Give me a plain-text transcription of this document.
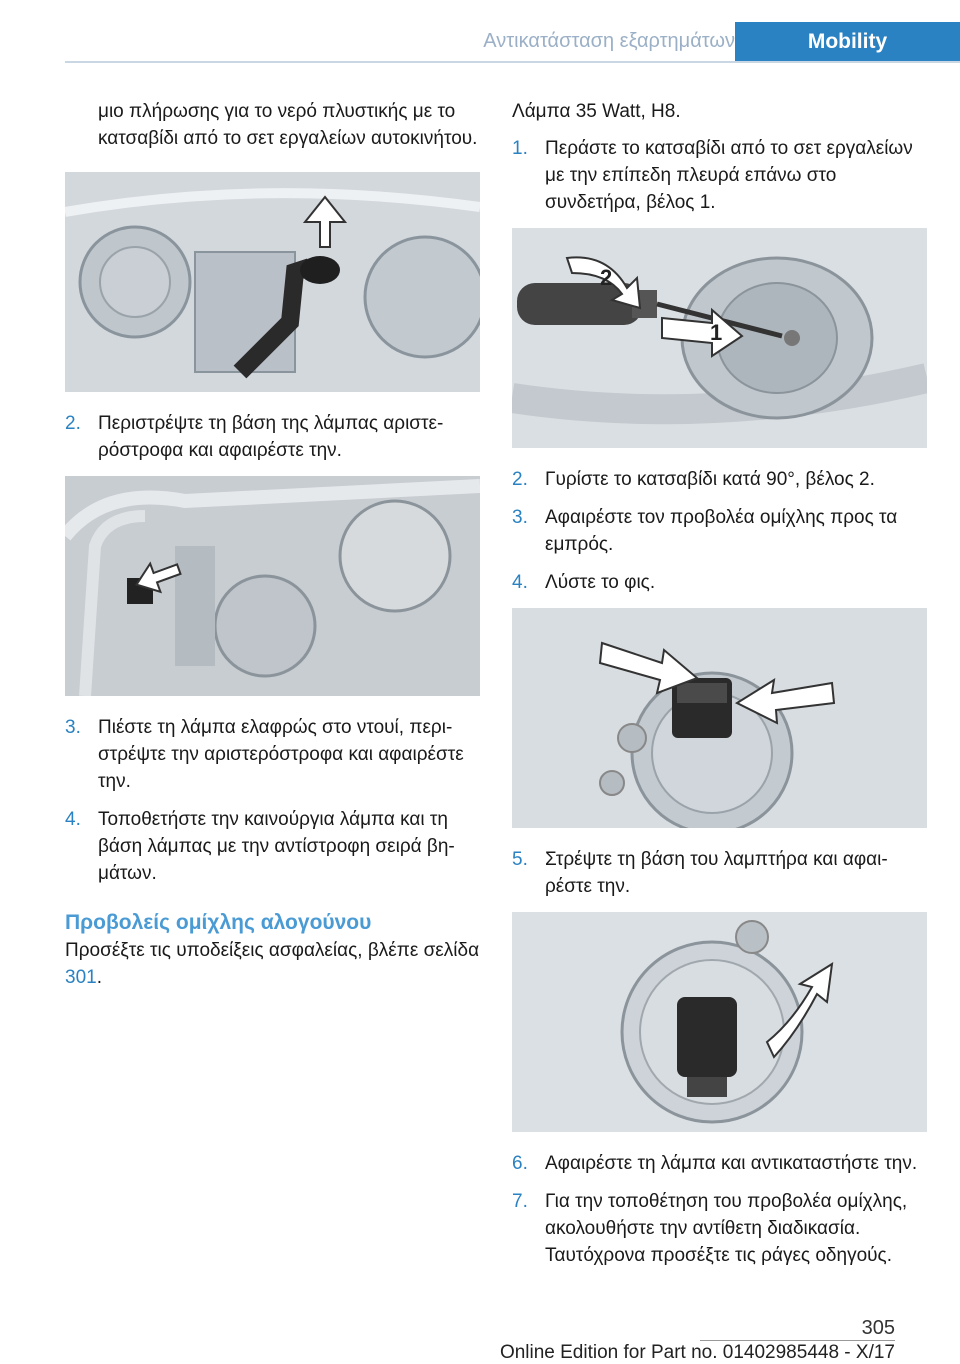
Αντικατάσταση εξαρτημάτων	Mobility

μιο πλήρωσης για το νερό πλυστικής με το κατσαβίδι από το σετ εργαλείων αυτοκινήτου.

2. Περιστρέψτε τη βάση της λάμπας αριστερόστροφα και αφαιρέστε την.
3. Πιέστε τη λάμπα ελαφρώς στο ντουί, περιστρέψτε την αριστερόστροφα και αφαιρέστε την.
4. Τοποθετήστε την καινούργια λάμπα και τη βάση λάμπας με την αντίστροφη σειρά βημάτων.
Προβολείς ομίχλης αλογούνου

Προσέξτε τις υποδείξεις ασφαλείας, βλέπε σελίδα 301.

Λάμπα 35 Watt, H8.

1. Περάστε το κατσαβίδι από το σετ εργαλείων με την επίπεδη πλευρά επάνω στο συνδετήρα, βέλος 1.
2
1
2. Γυρίστε το κατσαβίδι κατά 90°, βέλος 2.
3. Αφαιρέστε τον προβολέα ομίχλης προς τα εμπρός.
4. Λύστε το φις.
5. Στρέψτε τη βάση του λαμπτήρα και αφαιρέστε την.
6. Αφαιρέστε τη λάμπα και αντικαταστήστε την.
7. Για την τοποθέτηση του προβολέα ομίχλης, ακολουθήστε την αντίθετη διαδικασία. Ταυτόχρονα προσέξτε τις ράγες οδηγούς.
305
Online Edition for Part no. 01402985448 - X/17
